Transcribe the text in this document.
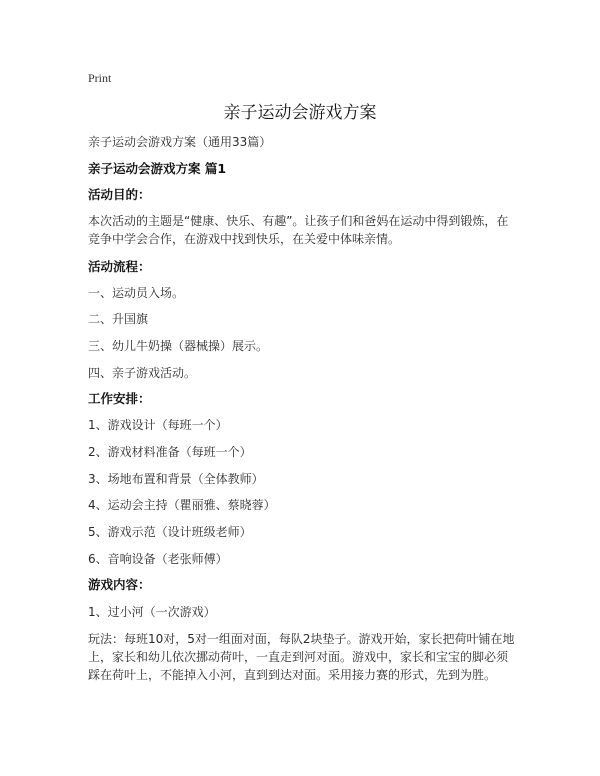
Print
亲子运动会游戏方案

亲子运动会游戏方案（通用33篇）

亲子运动会游戏方案 篇1

活动目的：

本次活动的主题是“健康、快乐、有趣”。让孩子们和爸妈在运动中得到锻炼，在竞争中学会合作，在游戏中找到快乐，在关爱中体味亲情。

活动流程：

一、运动员入场。

二、升国旗

三、幼儿牛奶操（器械操）展示。

四、亲子游戏活动。

工作安排：

1、游戏设计（每班一个）

2、游戏材料准备（每班一个）

3、场地布置和背景（全体教师）

4、运动会主持（瞿丽雅、蔡晓蓉）

5、游戏示范（设计班级老师）

6、音响设备（老张师傅）

游戏内容：

1、过小河（一次游戏）

玩法：每班10对，5对一组面对面，每队2块垫子。游戏开始，家长把荷叶铺在地上，家长和幼儿依次挪动荷叶，一直走到河对面。游戏中，家长和宝宝的脚必须踩在荷叶上，不能掉入小河，直到到达对面。采用接力赛的形式，先到为胜。
